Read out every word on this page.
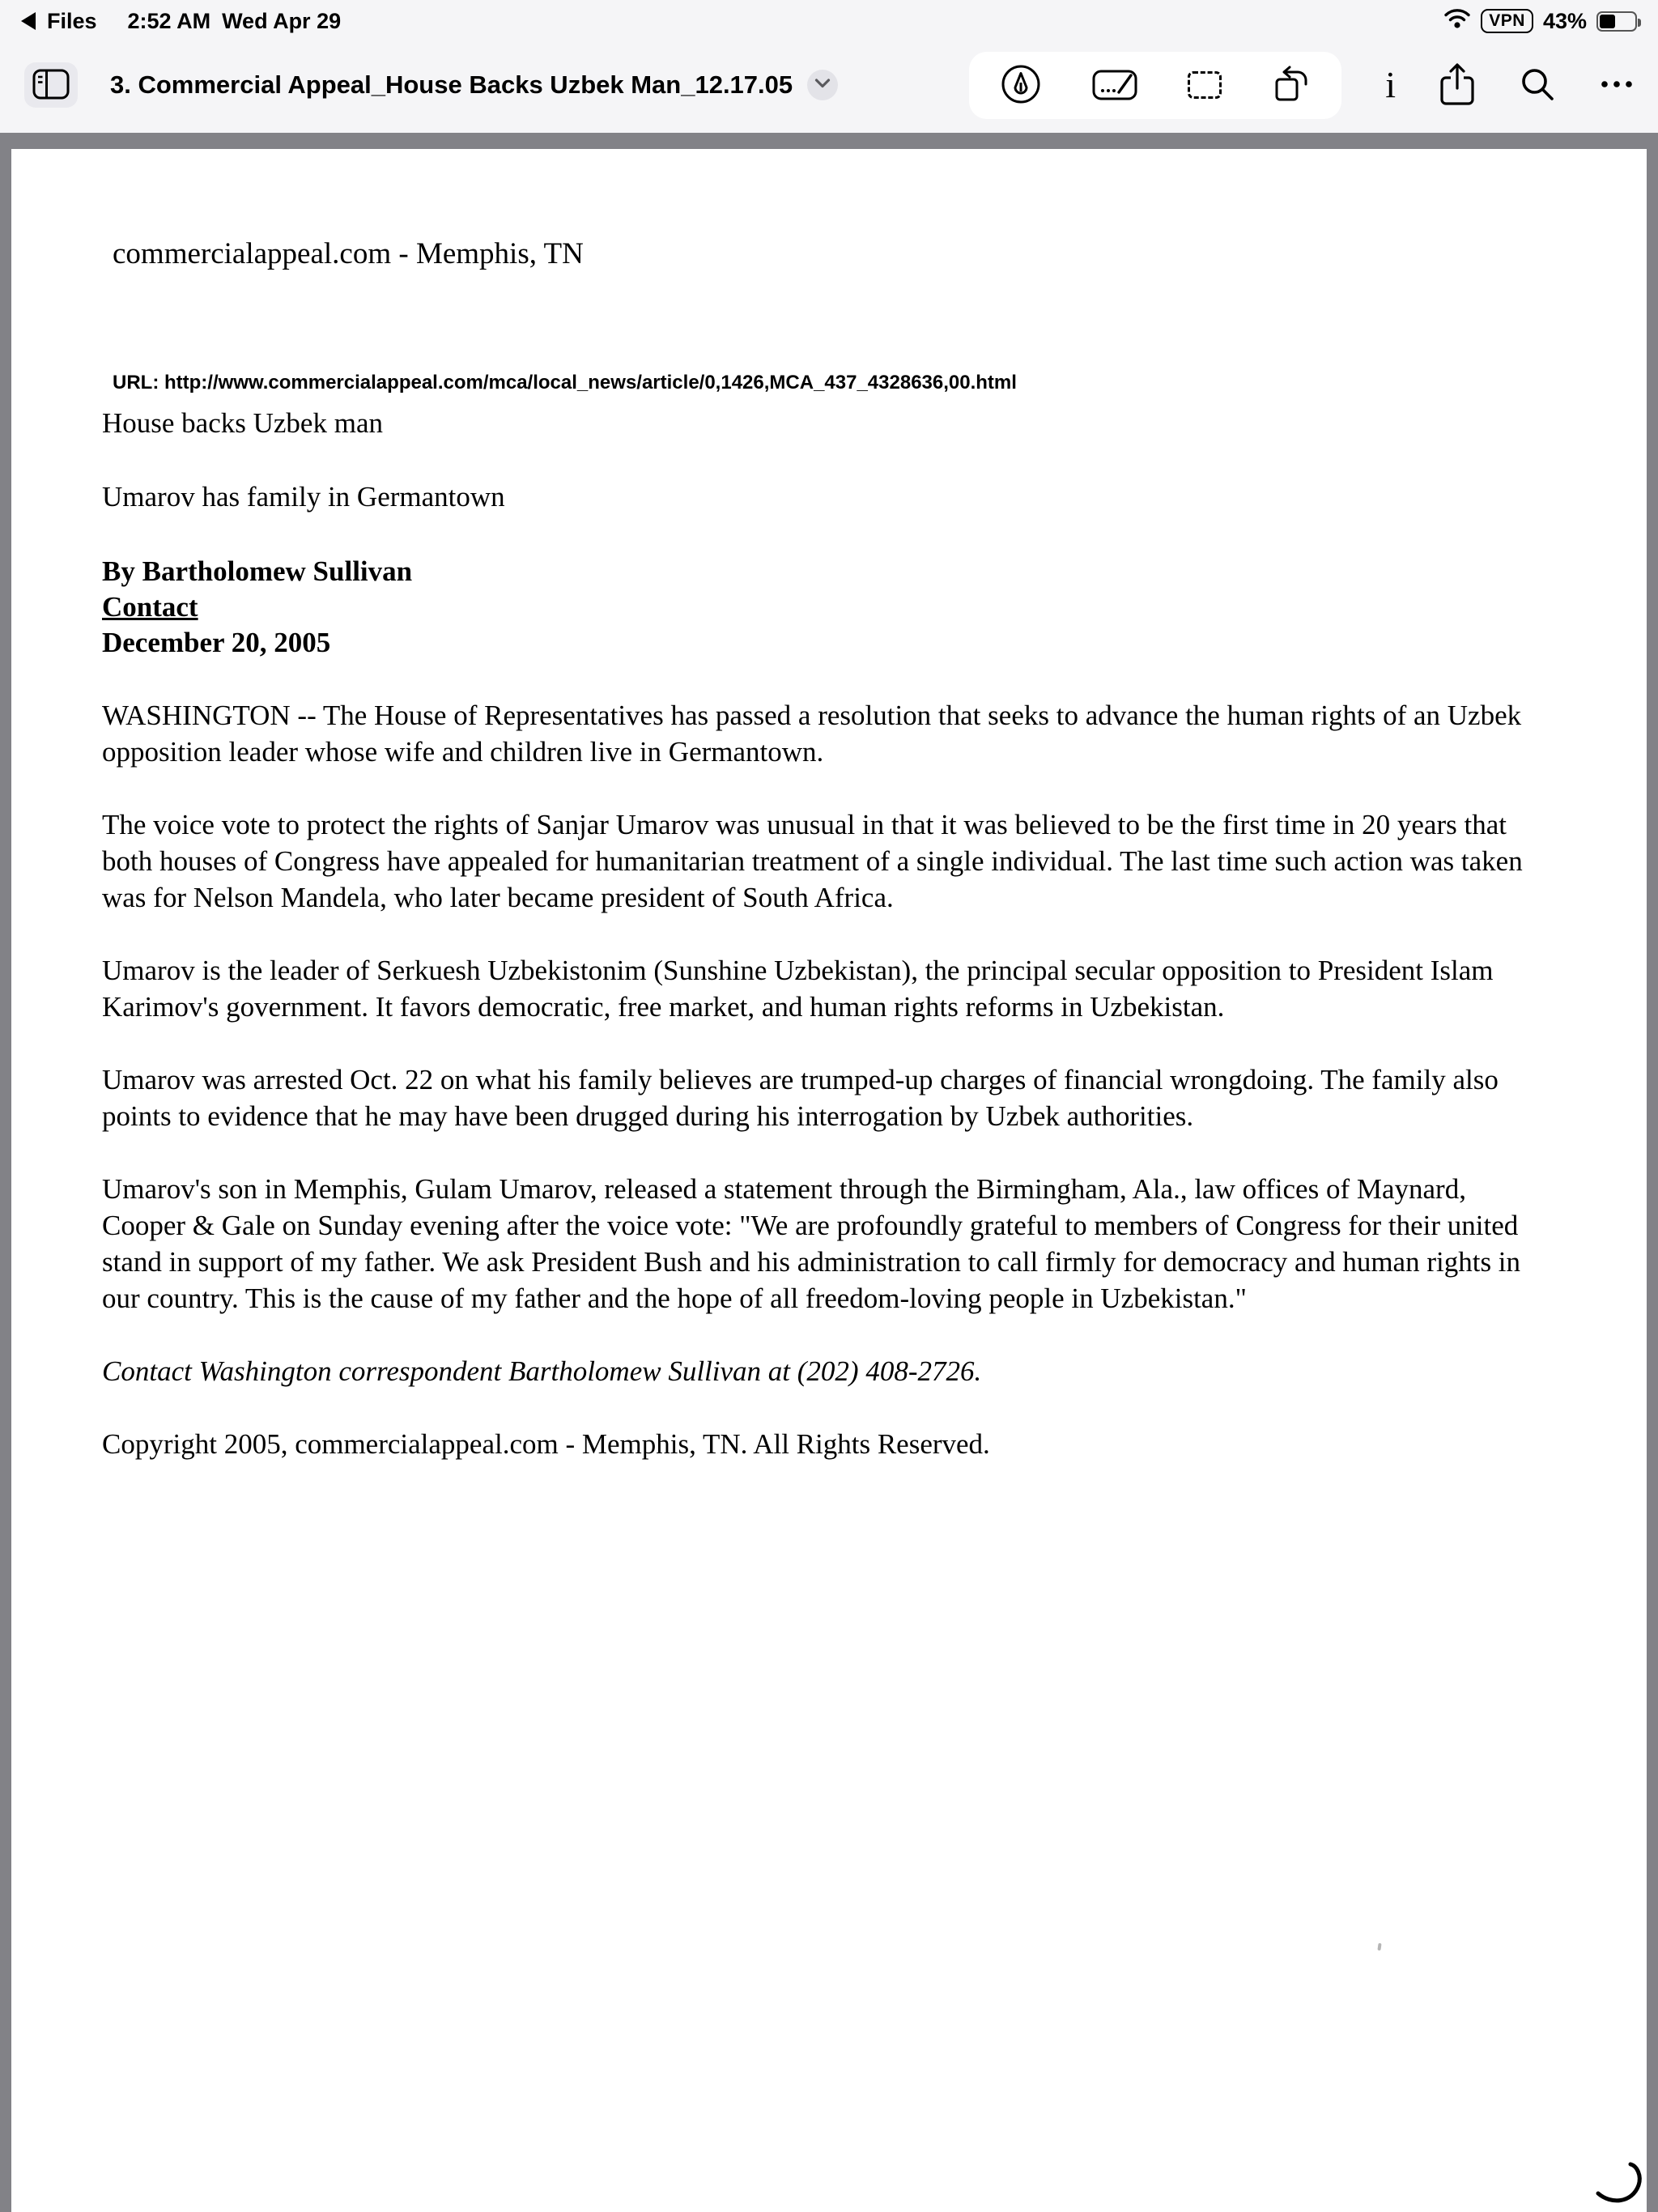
Files 2:52 AM Wed Apr 29	VPN 43%
3. Commercial Appeal_House Backs Uzbek Man_12.17.05	i
commercialappeal.com - Memphis, TN
URL: http://www.commercialappeal.com/mca/local_news/article/0,1426,MCA_437_4328636,00.html
House backs Uzbek man
Umarov has family in Germantown
By Bartholomew Sullivan
Contact
December 20, 2005

WASHINGTON -- The House of Representatives has passed a resolution that seeks to advance the human rights of an Uzbek opposition leader whose wife and children live in Germantown.

The voice vote to protect the rights of Sanjar Umarov was unusual in that it was believed to be the first time in 20 years that both houses of Congress have appealed for humanitarian treatment of a single individual. The last time such action was taken was for Nelson Mandela, who later became president of South Africa.

Umarov is the leader of Serkuesh Uzbekistonim (Sunshine Uzbekistan), the principal secular opposition to President Islam Karimov's government. It favors democratic, free market, and human rights reforms in Uzbekistan.

Umarov was arrested Oct. 22 on what his family believes are trumped-up charges of financial wrongdoing. The family also points to evidence that he may have been drugged during his interrogation by Uzbek authorities.

Umarov's son in Memphis, Gulam Umarov, released a statement through the Birmingham, Ala., law offices of Maynard, Cooper & Gale on Sunday evening after the voice vote: "We are profoundly grateful to members of Congress for their united stand in support of my father. We ask President Bush and his administration to call firmly for democracy and human rights in our country. This is the cause of my father and the hope of all freedom-loving people in Uzbekistan."

Contact Washington correspondent Bartholomew Sullivan at (202) 408-2726.

Copyright 2005, commercialappeal.com - Memphis, TN. All Rights Reserved.
